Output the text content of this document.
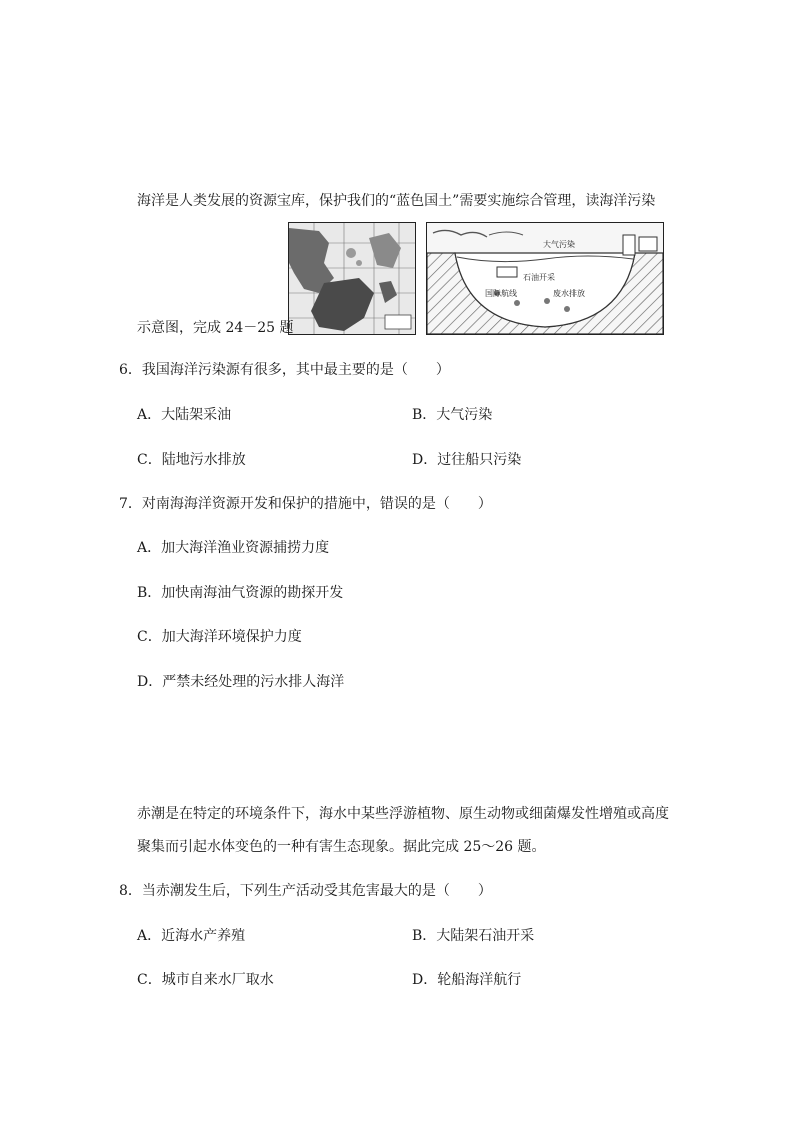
海洋是人类发展的资源宝库，保护我们的“蓝色国土”需要实施综合管理，读海洋污染
大气污染
石油开采
国际航线	废水排放
示意图，完成 24－25 题
6．我国海洋污染源有很多，其中最主要的是（　　）
A．大陆架采油	B．大气污染
C．陆地污水排放	D．过往船只污染
7．对南海海洋资源开发和保护的措施中，错误的是（　　）
A．加大海洋渔业资源捕捞力度
B．加快南海油气资源的勘探开发
C．加大海洋环境保护力度
D．严禁未经处理的污水排人海洋
赤潮是在特定的环境条件下，海水中某些浮游植物、原生动物或细菌爆发性增殖或高度
聚集而引起水体变色的一种有害生态现象。据此完成 25～26 题。
8．当赤潮发生后，下列生产活动受其危害最大的是（　　）
A．近海水产养殖	B．大陆架石油开采
C．城市自来水厂取水	D．轮船海洋航行
